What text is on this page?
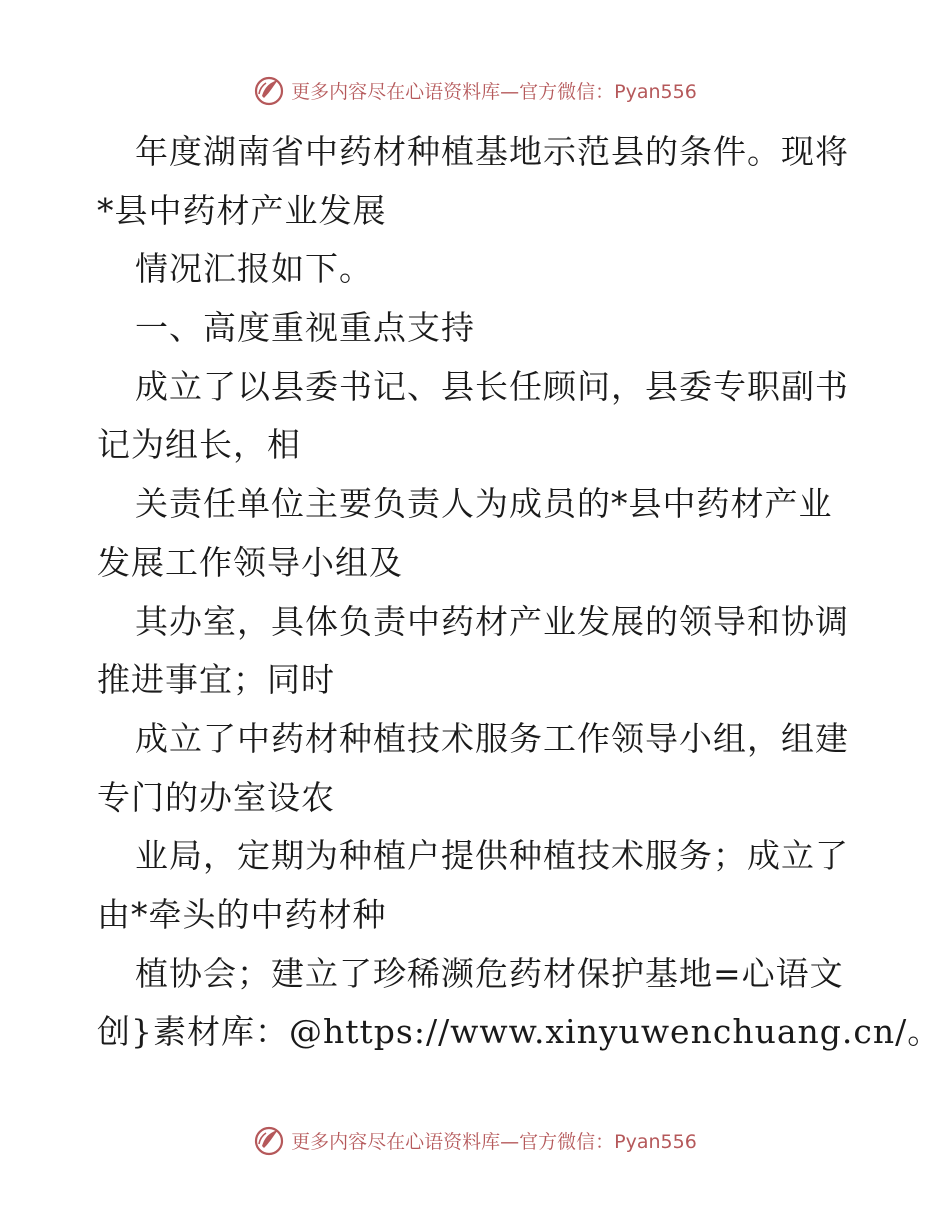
更多内容尽在心语资料库—官方微信：Pyan556
年度湖南省中药材种植基地示范县的条件。现将
*县中药材产业发展
情况汇报如下。
一、高度重视重点支持
成立了以县委书记、县长任顾问，县委专职副书
记为组长，相
关责任单位主要负责人为成员的*县中药材产业
发展工作领导小组及
其办室，具体负责中药材产业发展的领导和协调
推进事宜；同时
成立了中药材种植技术服务工作领导小组，组建
专门的办室设农
业局，定期为种植户提供种植技术服务；成立了
由*牵头的中药材种
植协会；建立了珍稀濒危药材保护基地=心语文
创}素材库：@https://www.xinyuwenchuang.cn/。
更多内容尽在心语资料库—官方微信：Pyan556
